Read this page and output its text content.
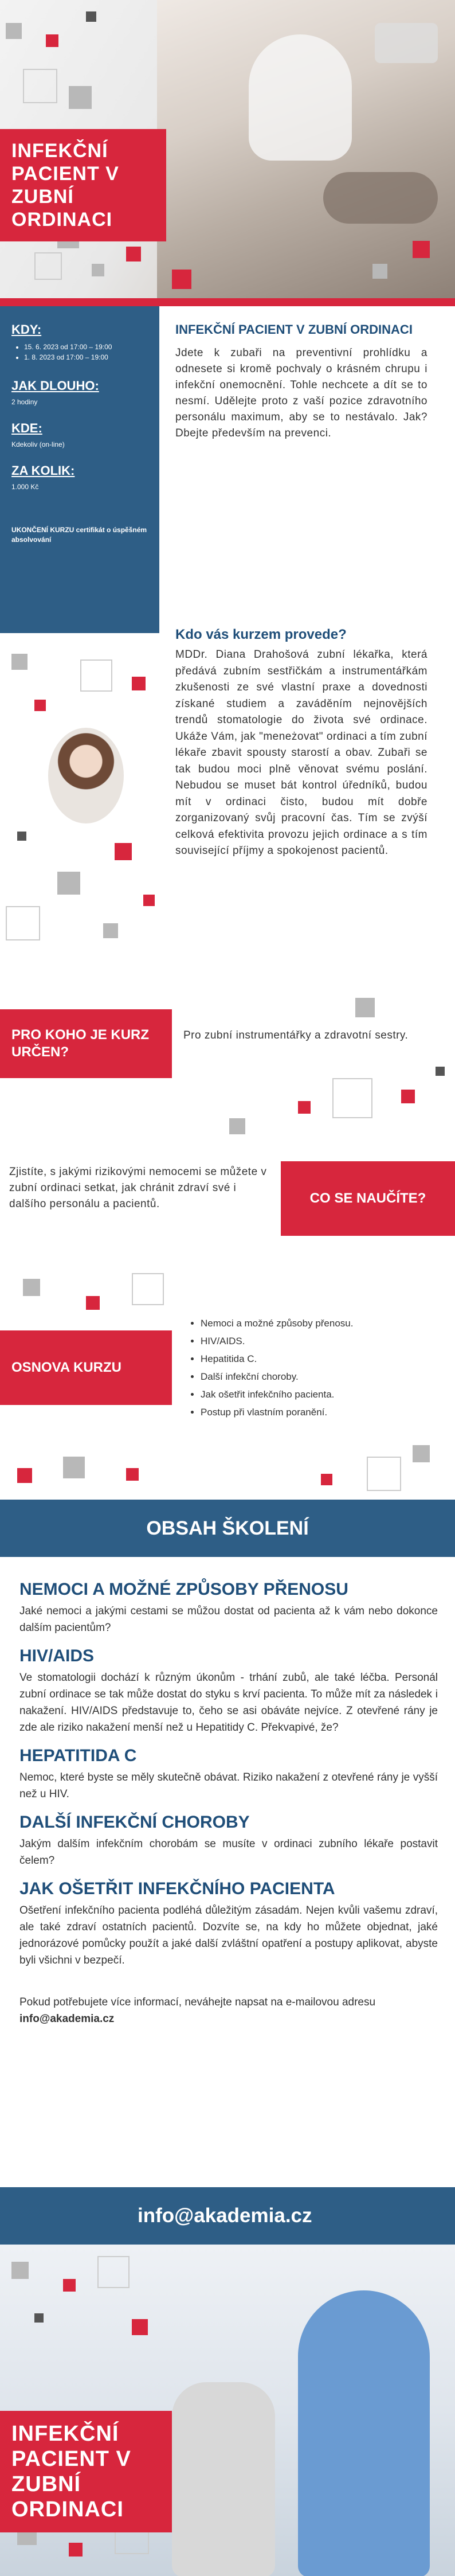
INFEKČNÍ PACIENT V ZUBNÍ ORDINACI
KDY:
• 15. 6. 2023 od 17:00 – 19:00
• 1. 8. 2023 od 17:00 – 19:00
JAK DLOUHO:

2 hodiny

KDE:

Kdekoliv (on-line)

ZA KOLIK:

1.000 Kč

UKONČENÍ KURZU certifikát o úspěšném absolvování

INFEKČNÍ PACIENT V ZUBNÍ ORDINACI

Jdete k zubaři na preventivní prohlídku a odnesete si kromě pochvaly o krásném chrupu i infekční onemocnění. Tohle nechcete a dít se to nesmí. Udělejte proto z vaší pozice zdravotního personálu maximum, aby se to nestávalo. Jak? Dbejte především na prevenci.

Kdo vás kurzem provede?

MDDr. Diana Drahošová zubní lékařka, která předává zubním sestřičkám a instrumentářkám zkušenosti ze své vlastní praxe a dovednosti získané studiem a zaváděním nejnovějších trendů stomatologie do života své ordinace. Ukáže Vám, jak "meneżovat" ordinaci a tím zubní lékaře zbavit spousty starostí a obav. Zubaři se tak budou moci plně věnovat svému poslání. Nebudou se muset bát kontrol úředníků, budou mít v ordinaci čisto, budou mít dobře zorganizovaný svůj pracovní čas. Tím se zvýší celková efektivita provozu jejich ordinace a s tím související příjmy a spokojenost pacientů.

PRO KOHO JE KURZ URČEN?

Pro zubní instrumentářky a zdravotní sestry.

Zjistíte, s jakými rizikovými nemocemi se můžete v zubní ordinaci setkat, jak chránit zdraví své i dalšího personálu a pacientů.	CO SE NAUČÍTE?
OSNOVA KURZU
• Nemoci a možné způsoby přenosu.
• HIV/AIDS.
• Hepatitida C.
• Další infekční choroby.
• Jak ošetřit infekčního pacienta.
• Postup při vlastním poranění.
OBSAH ŠKOLENÍ
NEMOCI A MOŽNÉ ZPŮSOBY PŘENOSU

Jaké nemoci a jakými cestami se můžou dostat od pacienta až k vám nebo dokonce dalším pacientům?

HIV/AIDS

Ve stomatologii dochází k různým úkonům - trhání zubů, ale také léčba. Personál zubní ordinace se tak může dostat do styku s krví pacienta. To může mít za následek i nakažení. HIV/AIDS představuje to, čeho se asi obáváte nejvíce. Z otevřené rány je zde ale riziko nakažení menší než u Hepatitidy C. Překvapivé, že?

HEPATITIDA C

Nemoc, které byste se měly skutečně obávat. Riziko nakažení z otevřené rány je vyšší než u HIV.

DALŠÍ INFEKČNÍ CHOROBY

Jakým dalším infekčním chorobám se musíte v ordinaci zubního lékaře postavit čelem?

JAK OŠETŘIT INFEKČNÍHO PACIENTA

Ošetření infekčního pacienta podléhá důležitým zásadám. Nejen kvůli vašemu zdraví, ale také zdraví ostatních pacientů. Dozvíte se, na kdy ho můžete objednat, jaké jednorázové pomůcky použít a jaké další zvláštní opatření a postupy aplikovat, abyste byli všichni v bezpečí.

Pokud potřebujete více informací, neváhejte napsat na e-mailovou adresu info@akademia.cz

info@akademia.cz
INFEKČNÍ PACIENT V ZUBNÍ ORDINACI
